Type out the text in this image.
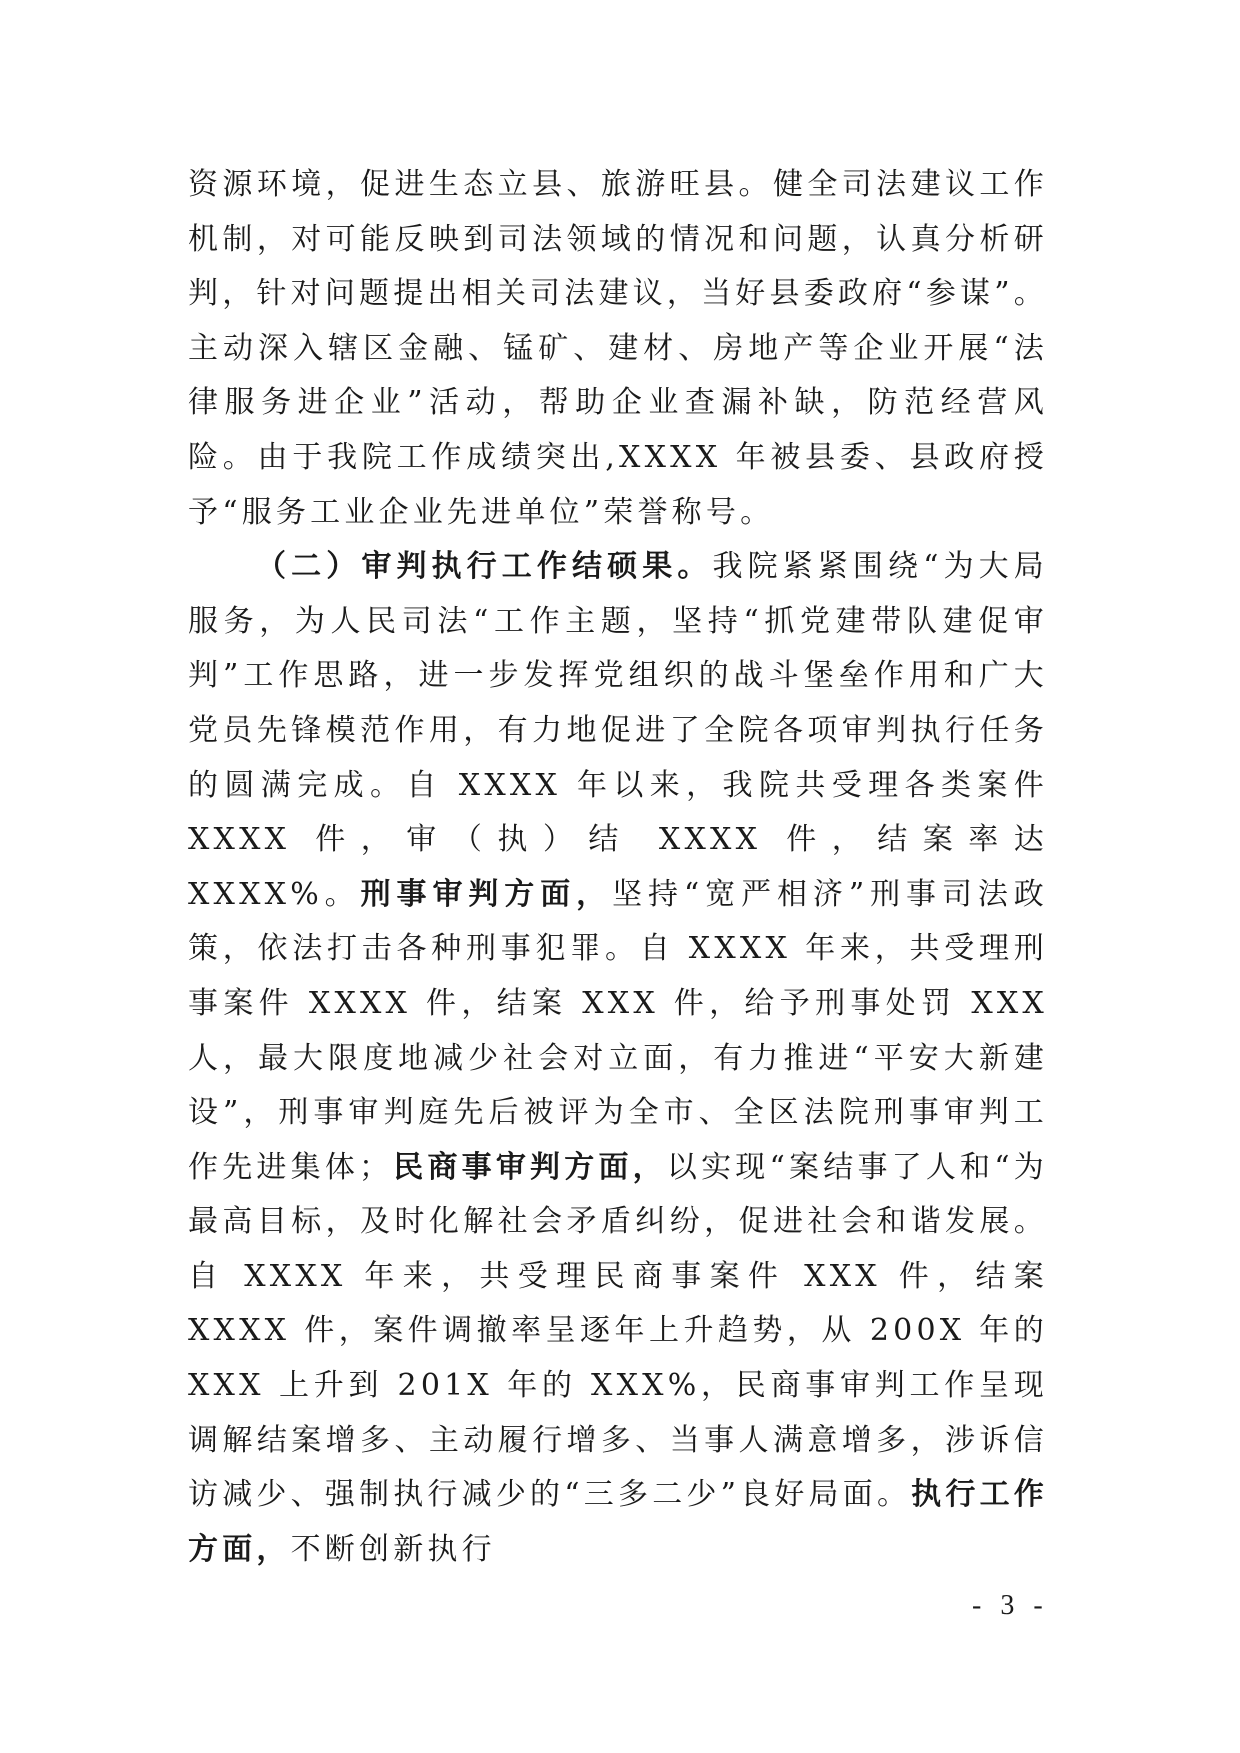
资源环境，促进生态立县、旅游旺县。健全司法建议工作机制，对可能反映到司法领域的情况和问题，认真分析研判，针对问题提出相关司法建议，当好县委政府“参谋”。主动深入辖区金融、锰矿、建材、房地产等企业开展“法律服务进企业”活动，帮助企业查漏补缺，防范经营风险。由于我院工作成绩突出,XXXX 年被县委、县政府授予“服务工业企业先进单位”荣誉称号。

（二）审判执行工作结硕果。我院紧紧围绕“为大局服务，为人民司法“工作主题，坚持“抓党建带队建促审判”工作思路，进一步发挥党组织的战斗堡垒作用和广大党员先锋模范作用，有力地促进了全院各项审判执行任务的圆满完成。自 XXXX 年以来，我院共受理各类案件 XXXX 件，审（执）结 XXXX 件，结案率达 XXXX%。刑事审判方面，坚持“宽严相济”刑事司法政策，依法打击各种刑事犯罪。自 XXXX 年来，共受理刑事案件 XXXX 件，结案 XXX 件，给予刑事处罚 XXX 人，最大限度地减少社会对立面，有力推进“平安大新建设”，刑事审判庭先后被评为全市、全区法院刑事审判工作先进集体；民商事审判方面，以实现“案结事了人和“为最高目标，及时化解社会矛盾纠纷，促进社会和谐发展。自 XXXX 年来，共受理民商事案件 XXX 件，结案 XXXX 件，案件调撤率呈逐年上升趋势，从 200X 年的 XXX 上升到 201X 年的 XXX%，民商事审判工作呈现调解结案增多、主动履行增多、当事人满意增多，涉诉信访减少、强制执行减少的“三多二少”良好局面。执行工作方面，不断创新执行

- 3 -
